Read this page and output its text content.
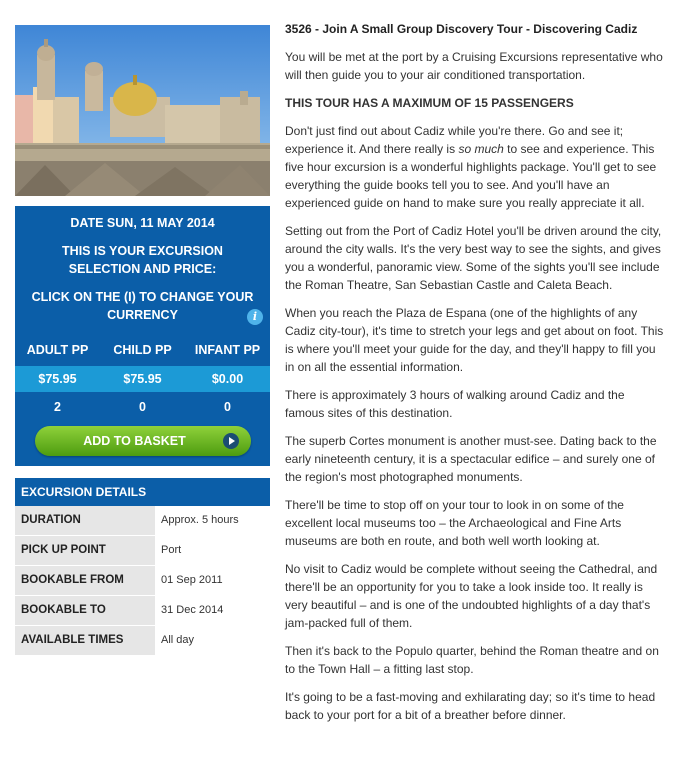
DATE SUN, 11 MAY 2014
THIS IS YOUR EXCURSION SELECTION AND PRICE:
CLICK ON THE (I) TO CHANGE YOUR CURRENCY	i
ADULT PP	CHILD PP	INFANT PP
$75.95	$75.95	$0.00
2	0	0
ADD TO BASKET
EXCURSION DETAILS
DURATION	Approx. 5 hours
PICK UP POINT	Port
BOOKABLE FROM	01 Sep 2011
BOOKABLE TO	31 Dec 2014
AVAILABLE TIMES	All day
3526 - Join A Small Group Discovery Tour - Discovering Cadiz

You will be met at the port by a Cruising Excursions representative who will then guide you to your air conditioned transportation.

THIS TOUR HAS A MAXIMUM OF 15 PASSENGERS

Don't just find out about Cadiz while you're there. Go and see it; experience it. And there really is so much to see and experience. This five hour excursion is a wonderful highlights package. You'll get to see everything the guide books tell you to see. And you'll have an experienced guide on hand to make sure you really appreciate it all.

Setting out from the Port of Cadiz Hotel you'll be driven around the city, around the city walls. It's the very best way to see the sights, and gives you a wonderful, panoramic view. Some of the sights you'll see include the Roman Theatre, San Sebastian Castle and Caleta Beach.

When you reach the Plaza de Espana (one of the highlights of any Cadiz city-tour), it's time to stretch your legs and get about on foot. This is where you'll meet your guide for the day, and they'll happy to fill you in on all the essential information.

There is approximately 3 hours of walking around Cadiz and the famous sites of this destination.

The superb Cortes monument is another must-see. Dating back to the early nineteenth century, it is a spectacular edifice – and surely one of the region's most photographed monuments.

There'll be time to stop off on your tour to look in on some of the excellent local museums too – the Archaeological and Fine Arts museums are both en route, and both well worth looking at.

No visit to Cadiz would be complete without seeing the Cathedral, and there'll be an opportunity for you to take a look inside too. It really is very beautiful – and is one of the undoubted highlights of a day that's jam-packed full of them.

Then it's back to the Populo quarter, behind the Roman theatre and on to the Town Hall – a fitting last stop.

It's going to be a fast-moving and exhilarating day; so it's time to head back to your port for a bit of a breather before dinner.
